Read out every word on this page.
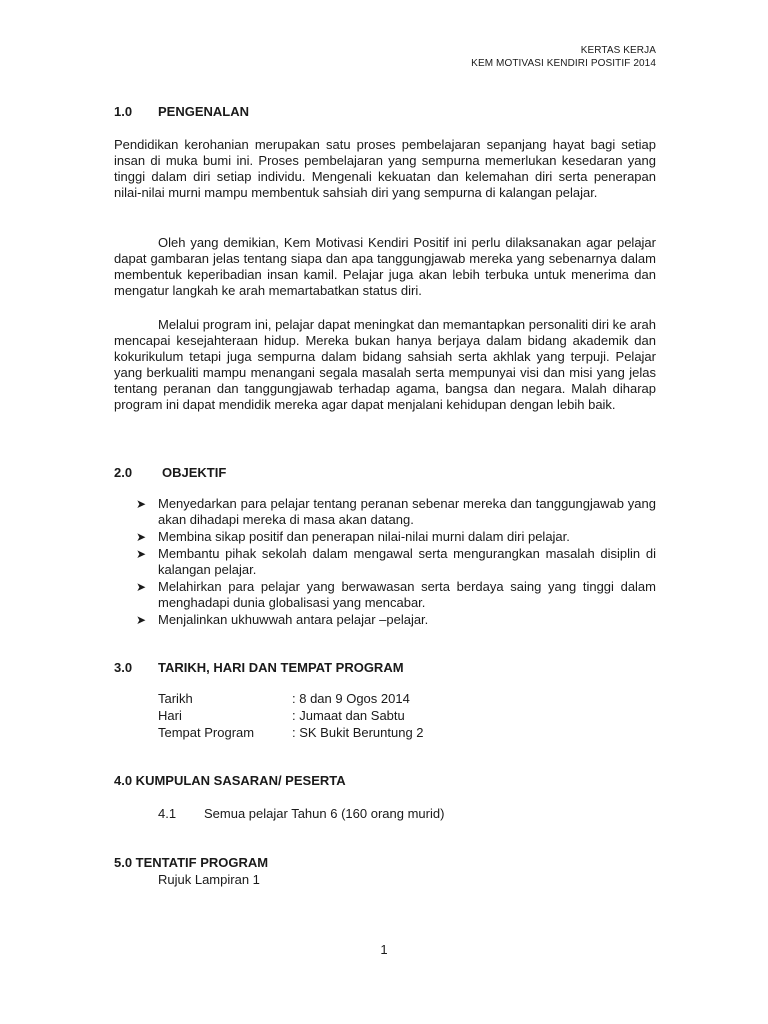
KERTAS KERJA
KEM MOTIVASI KENDIRI POSITIF 2014
1.0 PENGENALAN

Pendidikan kerohanian merupakan satu proses pembelajaran sepanjang hayat bagi setiap insan di muka bumi ini. Proses pembelajaran yang sempurna memerlukan kesedaran yang tinggi dalam diri setiap individu. Mengenali kekuatan dan kelemahan diri serta penerapan nilai-nilai murni mampu membentuk sahsiah diri yang sempurna di kalangan pelajar.

Oleh yang demikian, Kem Motivasi Kendiri Positif ini perlu dilaksanakan agar pelajar dapat gambaran jelas tentang siapa dan apa tanggungjawab mereka yang sebenarnya dalam membentuk keperibadian insan kamil. Pelajar juga akan lebih terbuka untuk menerima dan mengatur langkah ke arah memartabatkan status diri.

Melalui program ini, pelajar dapat meningkat dan memantapkan personaliti diri ke arah mencapai kesejahteraan hidup. Mereka bukan hanya berjaya dalam bidang akademik dan kokurikulum tetapi juga sempurna dalam bidang sahsiah serta akhlak yang terpuji. Pelajar yang berkualiti mampu menangani segala masalah serta mempunyai visi dan misi yang jelas tentang peranan dan tanggungjawab terhadap agama, bangsa dan negara. Malah diharap program ini dapat mendidik mereka agar dapat menjalani kehidupan dengan lebih baik.

2.0 OBJEKTIF
➤ Menyedarkan para pelajar tentang peranan sebenar mereka dan tanggungjawab yang akan dihadapi mereka di masa akan datang.
➤ Membina sikap positif dan penerapan nilai-nilai murni dalam diri pelajar.
➤ Membantu pihak sekolah dalam mengawal serta mengurangkan masalah disiplin di kalangan pelajar.
➤ Melahirkan para pelajar yang berwawasan serta berdaya saing yang tinggi dalam menghadapi dunia globalisasi yang mencabar.
➤ Menjalinkan ukhuwwah antara pelajar –pelajar.
3.0 TARIKH, HARI DAN TEMPAT PROGRAM
Tarikh	: 8 dan 9 Ogos 2014
Hari	: Jumaat dan Sabtu
Tempat Program	: SK Bukit Beruntung 2
4.0 KUMPULAN SASARAN/ PESERTA
4.1 Semua pelajar Tahun 6 (160 orang murid)
5.0 TENTATIF PROGRAM
Rujuk Lampiran 1
1
